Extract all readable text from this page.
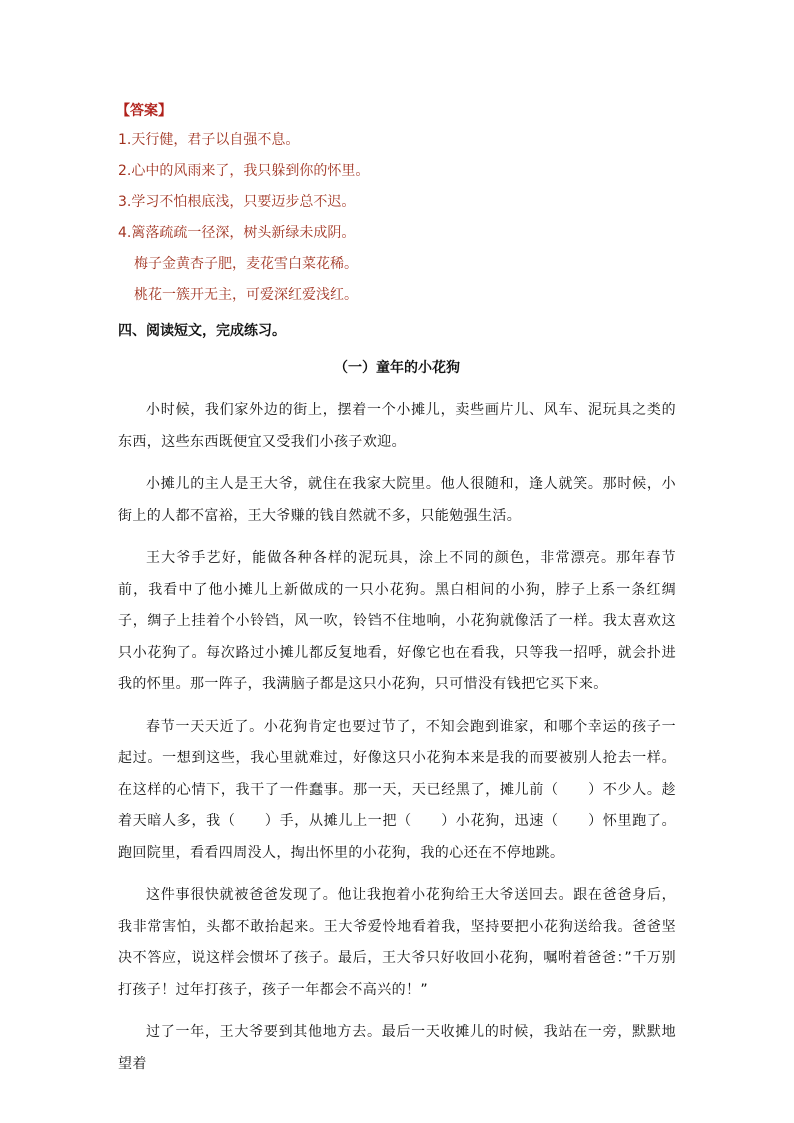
【答案】
1.天行健，君子以自强不息。
2.心中的风雨来了，我只躲到你的怀里。
3.学习不怕根底浅，只要迈步总不迟。
4.篱落疏疏一径深，树头新绿未成阴。
梅子金黄杏子肥，麦花雪白菜花稀。
桃花一簇开无主，可爱深红爱浅红。
四、阅读短文，完成练习。
（一）童年的小花狗

小时候，我们家外边的街上，摆着一个小摊儿，卖些画片儿、风车、泥玩具之类的东西，这些东西既便宜又受我们小孩子欢迎。

小摊儿的主人是王大爷，就住在我家大院里。他人很随和，逢人就笑。那时候，小街上的人都不富裕，王大爷赚的钱自然就不多，只能勉强生活。

王大爷手艺好，能做各种各样的泥玩具，涂上不同的颜色，非常漂亮。那年春节前，我看中了他小摊儿上新做成的一只小花狗。黑白相间的小狗，脖子上系一条红绸子，绸子上挂着个小铃铛，风一吹，铃铛不住地响，小花狗就像活了一样。我太喜欢这只小花狗了。每次路过小摊儿都反复地看，好像它也在看我，只等我一招呼，就会扑进我的怀里。那一阵子，我满脑子都是这只小花狗，只可惜没有钱把它买下来。

春节一天天近了。小花狗肯定也要过节了，不知会跑到谁家，和哪个幸运的孩子一起过。一想到这些，我心里就难过，好像这只小花狗本来是我的而要被别人抢去一样。在这样的心情下，我干了一件蠢事。那一天，天已经黑了，摊儿前（　　）不少人。趁着天暗人多，我（　　）手，从摊儿上一把（　　）小花狗，迅速（　　）怀里跑了。跑回院里，看看四周没人，掏出怀里的小花狗，我的心还在不停地跳。

这件事很快就被爸爸发现了。他让我抱着小花狗给王大爷送回去。跟在爸爸身后，我非常害怕，头都不敢抬起来。王大爷爱怜地看着我，坚持要把小花狗送给我。爸爸坚决不答应，说这样会惯坏了孩子。最后，王大爷只好收回小花狗，嘱咐着爸爸：”千万别打孩子！过年打孩子，孩子一年都会不高兴的！”

过了一年，王大爷要到其他地方去。最后一天收摊儿的时候，我站在一旁，默默地望着
